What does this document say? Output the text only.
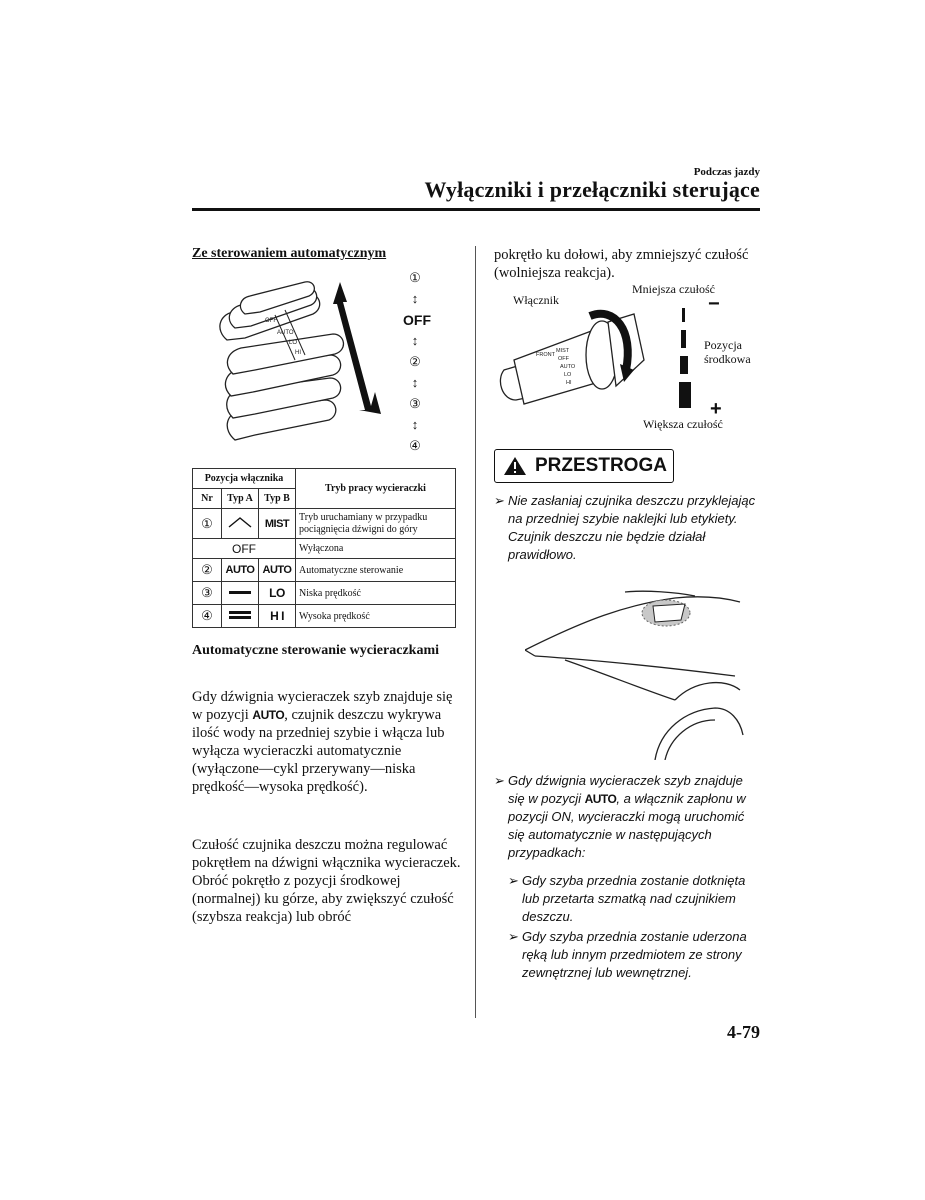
Podczas jazdy
Wyłączniki i przełączniki sterujące
Ze sterowaniem automatycznym
OFF
AUTO
LO
HI
①
↕
OFF
↕
②
↕
③
↕
④
Pozycja włącznika			Tryb pracy wycieraczki
Nr	Typ A	Typ B	
①		MIST	Tryb uruchamiany w przypadku pociągnięcia dźwigni do góry
OFF			Wyłączona
②	AUTO	AUTO	Automatyczne sterowanie
③		LO	Niska prędkość
④		H I	Wysoka prędkość
Automatyczne sterowanie wycieraczkami

Gdy dźwignia wycieraczek szyb znajduje się w pozycji AUTO, czujnik deszczu wykrywa ilość wody na przedniej szybie i włącza lub wyłącza wycieraczki automatycznie (wyłączone—cykl przerywany—niska prędkość—wysoka prędkość).

Czułość czujnika deszczu można regulować pokrętłem na dźwigni włącznika wycieraczek.

Obróć pokrętło z pozycji środkowej (normalnej) ku górze, aby zwiększyć czułość (szybsza reakcja) lub obróć

pokrętło ku dołowi, aby zmniejszyć czułość (wolniejsza reakcja).
FRONT
MIST
OFF
AUTO
LO
HI
Włącznik
Mniejsza czułość
−
Pozycja środkowa
+
Większa czułość
PRZESTROGA
➢ Nie zasłaniaj czujnika deszczu przyklejając na przedniej szybie naklejki lub etykiety. Czujnik deszczu nie będzie działał prawidłowo.
➢ Gdy dźwignia wycieraczek szyb znajduje się w pozycji AUTO, a włącznik zapłonu w pozycji ON, wycieraczki mogą uruchomić się automatycznie w następujących przypadkach:
➢ Gdy szyba przednia zostanie dotknięta lub przetarta szmatką nad czujnikiem deszczu.
➢ Gdy szyba przednia zostanie uderzona ręką lub innym przedmiotem ze strony zewnętrznej lub wewnętrznej.
4-79
